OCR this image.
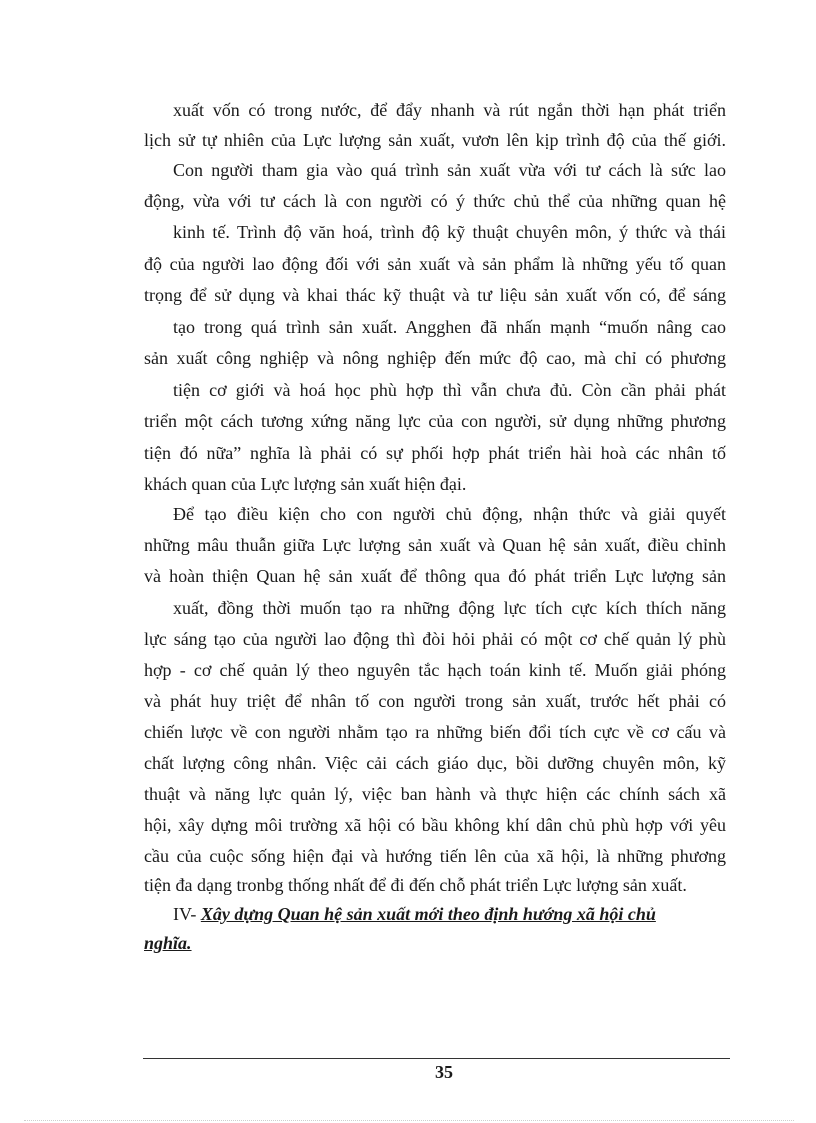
xuất vốn có trong nước, để đẩy nhanh và rút ngắn thời hạn phát triển
lịch sử tự nhiên của Lực lượng sản xuất, vươn lên kịp trình độ của thế giới.
Con người tham gia vào quá trình sản xuất vừa với tư cách là sức lao
động, vừa với tư cách là con người có ý thức chủ thể của những quan hệ
kinh tế. Trình độ văn hoá, trình độ kỹ thuật chuyên môn, ý thức và thái
độ của người lao động đối với sản xuất và sản phẩm là những yếu tố quan
trọng để sử dụng và khai thác kỹ thuật và tư liệu sản xuất vốn có, để sáng
tạo trong quá trình sản xuất. Angghen đã nhấn mạnh “muốn nâng cao
sản xuất công nghiệp và nông nghiệp đến mức độ cao, mà chỉ có phương
tiện cơ giới và hoá học phù hợp thì vẫn chưa đủ. Còn cần phải phát
triển một cách tương xứng năng lực của con người, sử dụng những phương
tiện đó nữa” nghĩa là phải có sự phối hợp phát triển hài hoà các nhân tố
khách quan của Lực lượng sản xuất hiện đại.
Để tạo điều kiện cho con người chủ động, nhận thức và giải quyết
những mâu thuẫn giữa Lực lượng sản xuất và Quan hệ sản xuất, điều chỉnh
và hoàn thiện Quan hệ sản xuất để thông qua đó phát triển Lực lượng sản
xuất, đồng thời muốn tạo ra những động lực tích cực kích thích năng
lực sáng tạo của người lao động thì đòi hỏi phải có một cơ chế quản lý phù
hợp - cơ chế quản lý theo nguyên tắc hạch toán kinh tế. Muốn giải phóng
và phát huy triệt để nhân tố con người trong sản xuất, trước hết phải có
chiến lược về con người nhằm tạo ra những biến đổi tích cực về cơ cấu và
chất lượng công nhân. Việc cải cách giáo dục, bồi dưỡng chuyên môn, kỹ
thuật và năng lực quản lý, việc ban hành và thực hiện các chính sách xã
hội, xây dựng môi trường xã hội có bầu không khí dân chủ phù hợp với yêu
cầu của cuộc sống hiện đại và hướng tiến lên của xã hội, là những phương
tiện đa dạng tronbg thống nhất để đi đến chỗ phát triển Lực lượng sản xuất.
IV- Xây dựng Quan hệ sản xuất mới theo định hướng xã hội chủ
nghĩa.
35
